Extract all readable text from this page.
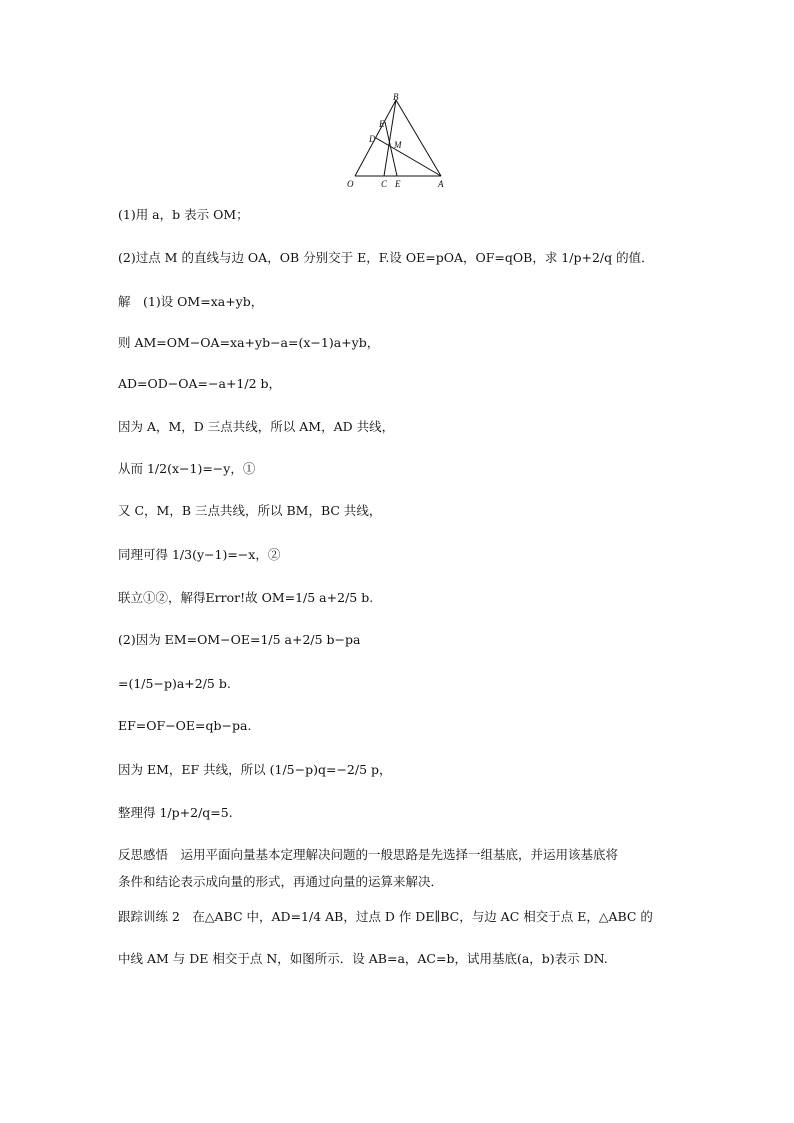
O	A
B
C E
D
E
M
(1)用 a，b 表示 OM；
(2)过点 M 的直线与边 OA，OB 分别交于 E，F.设 OE=pOA，OF=qOB，求 1/p+2/q 的值．
解　(1)设 OM=xa+yb，
则 AM=OM−OA=xa+yb−a=(x−1)a+yb，
AD=OD−OA=−a+1/2 b，
因为 A，M，D 三点共线，所以 AM，AD 共线，
从而 1/2(x−1)=−y，①
又 C，M，B 三点共线，所以 BM，BC 共线，
同理可得 1/3(y−1)=−x，②
联立①②，解得Error!故 OM=1/5 a+2/5 b.
(2)因为 EM=OM−OE=1/5 a+2/5 b−pa
=(1/5−p)a+2/5 b.
EF=OF−OE=qb−pa.
因为 EM，EF 共线，所以 (1/5−p)q=−2/5 p，
整理得 1/p+2/q=5.
反思感悟　运用平面向量基本定理解决问题的一般思路是先选择一组基底，并运用该基底将
条件和结论表示成向量的形式，再通过向量的运算来解决．
跟踪训练 2　在△ABC 中，AD=1/4 AB，过点 D 作 DE∥BC，与边 AC 相交于点 E，△ABC 的
中线 AM 与 DE 相交于点 N，如图所示．设 AB=a，AC=b，试用基底(a，b)表示 DN.
